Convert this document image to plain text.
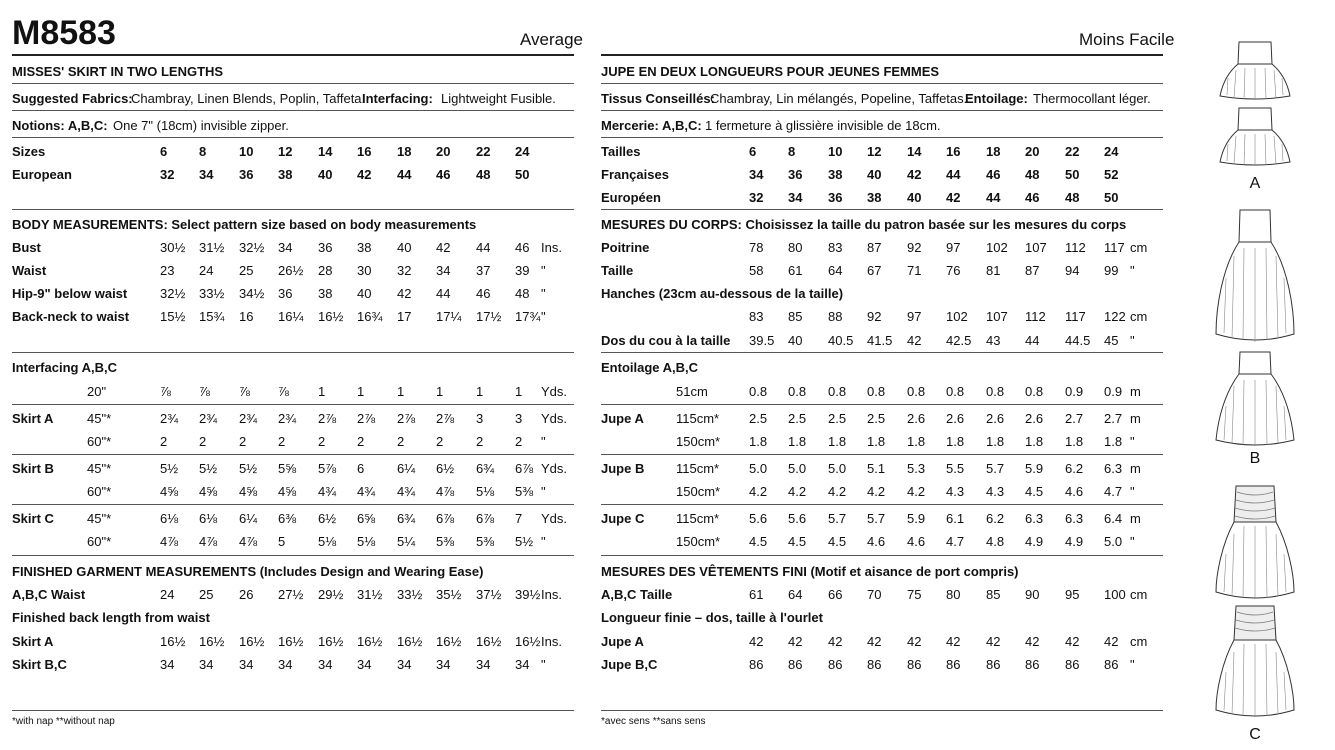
M8583	Average
MISSES' SKIRT IN TWO LENGTHS
Suggested Fabrics:
Chambray, Linen Blends, Poplin, Taffeta.
Interfacing: Lightweight Fusible.
Notions: A,B,C: One 7" (18cm) invisible zipper.
Sizes	6 8	10 12 14 16 18 20 22 24
European	32 34 36 38 40 42 44 46 48 50
BODY MEASUREMENTS: Select pattern size based on body measurements
Bust	30½ 31½ 32½ 34 36 38 40 42 44 46 Ins.
Waist	23 24 25 26½ 28 30 32 34 37 39 "
Hip-9" below waist	32½ 33½ 34½ 36 38 40 42 44 46 48 "
Back-neck to waist 15½ 15¾ 16 16¼ 16½ 16¾ 17 17¼ 17½ 17¾ "
Interfacing A,B,C
20"	⅞ ⅞ ⅞ ⅞ 1 1	1 1	1 1 Yds.
Skirt A	45"*	2¾ 2¾ 2¾ 2¾ 2⅞ 2⅞ 2⅞ 2⅞ 3 3 Yds.
60"*	2 2	2 2	2 2	2 2	2 2 "
Skirt B	45"*	5½ 5½ 5½ 5⅝ 5⅞ 6	6¼ 6½ 6¾ 6⅞ Yds.
60"*	4⅝ 4⅝ 4⅝ 4⅝ 4¾ 4¾ 4¾ 4⅞ 5⅛ 5⅜ "
Skirt C	45"*	6⅛ 6⅛ 6¼ 6⅜ 6½ 6⅝ 6¾ 6⅞ 6⅞ 7 Yds.
60"*	4⅞ 4⅞ 4⅞ 5	5⅛ 5⅛ 5¼ 5⅜ 5⅜ 5½ "
FINISHED GARMENT MEASUREMENTS (Includes Design and Wearing Ease)
A,B,C Waist	24 25 26 27½ 29½ 31½ 33½ 35½ 37½ 39½ Ins.
Finished back length from waist
Skirt A	16½ 16½ 16½ 16½ 16½ 16½ 16½ 16½ 16½ 16½ Ins.
Skirt B,C	34 34 34 34 34 34 34 34 34 34 "
*with nap **without nap
Moins Facile
JUPE EN DEUX LONGUEURS POUR JEUNES FEMMES
Tissus Conseillés:
Chambray, Lin mélangés, Popeline, Taffetas.
Entoilage: Thermocollant léger.
Mercerie: A,B,C: 1 fermeture à glissière invisible de 18cm.
Tailles	6 8	10 12 14 16 18 20 22 24
Françaises	34 36 38 40 42 44 46 48 50 52
Européen	32 34 36 38 40 42 44 46 48 50
MESURES DU CORPS: Choisissez la taille du patron basée sur les mesures du corps
Poitrine	78 80 83 87 92 97 102 107 112 117 cm
Taille	58 61 64 67 71 76 81 87 94 99 "
Hanches (23cm au-dessous de la taille)
83 85 88 92 97 102 107 112 117 122 cm
Dos du cou à la taille 39.5 40 40.5 41.5 42 42.5 43 44 44.5 45 "
Entoilage A,B,C
51cm	0.8 0.8 0.8 0.8 0.8 0.8 0.8 0.8 0.9 0.9 m
Jupe A 115cm* 2.5 2.5 2.5 2.5 2.6 2.6 2.6 2.6 2.7 2.7 m
150cm* 1.8 1.8 1.8 1.8 1.8 1.8 1.8 1.8 1.8 1.8 "
Jupe B 115cm* 5.0 5.0 5.0 5.1 5.3 5.5 5.7 5.9 6.2 6.3 m
150cm* 4.2 4.2 4.2 4.2 4.2 4.3 4.3 4.5 4.6 4.7 "
Jupe C 115cm* 5.6 5.6 5.7 5.7 5.9 6.1 6.2 6.3 6.3 6.4 m
150cm* 4.5 4.5 4.5 4.6 4.6 4.7 4.8 4.9 4.9 5.0 "
MESURES DES VÊTEMENTS FINI (Motif et aisance de port compris)
A,B,C Taille	61 64 66 70 75 80 85 90 95 100 cm
Longueur finie – dos, taille à l'ourlet
Jupe A	42 42 42 42 42 42 42 42 42 42 cm
Jupe B,C	86 86 86 86 86 86 86 86 86 86 "
*avec sens **sans sens
A
B
C
